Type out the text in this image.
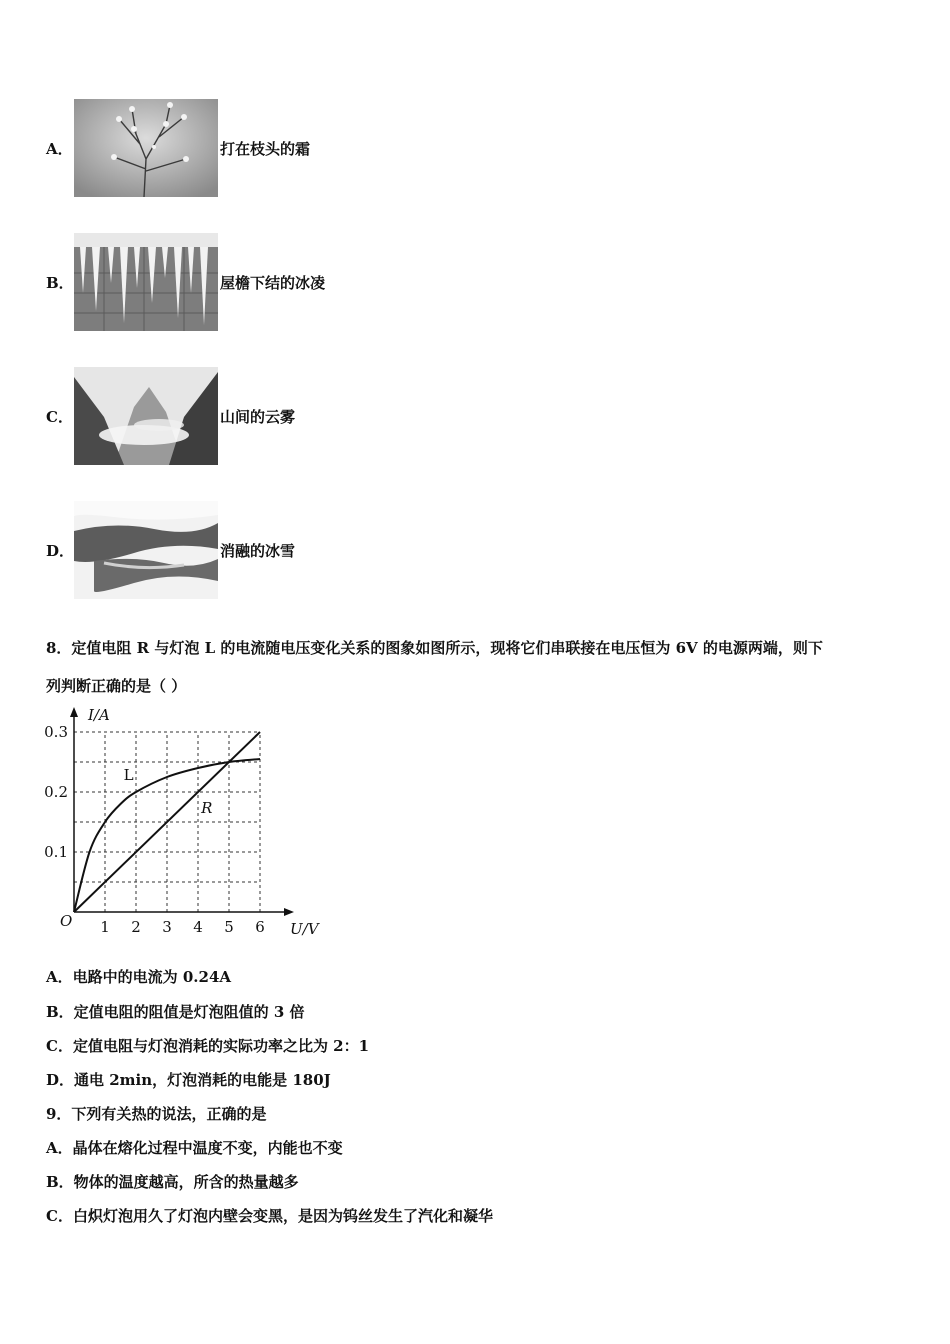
A．	打在枝头的霜
B．	屋檐下结的冰凌
C．	山间的云雾
D．	消融的冰雪
8．定值电阻 R 与灯泡 L 的电流随电压变化关系的图象如图所示，现将它们串联接在电压恒为 6V 的电源两端，则下
列判断正确的是（ ）
L
R
1 2 3 4 5 6
0.1
0.2
0.3
O
I/A
U/V
A．电路中的电流为 0.24A
B．定值电阻的阻值是灯泡阻值的 3 倍
C．定值电阻与灯泡消耗的实际功率之比为 2：1
D．通电 2min，灯泡消耗的电能是 180J
9．下列有关热的说法，正确的是
A．晶体在熔化过程中温度不变，内能也不变
B．物体的温度越高，所含的热量越多
C．白炽灯泡用久了灯泡内壁会变黑，是因为钨丝发生了汽化和凝华
